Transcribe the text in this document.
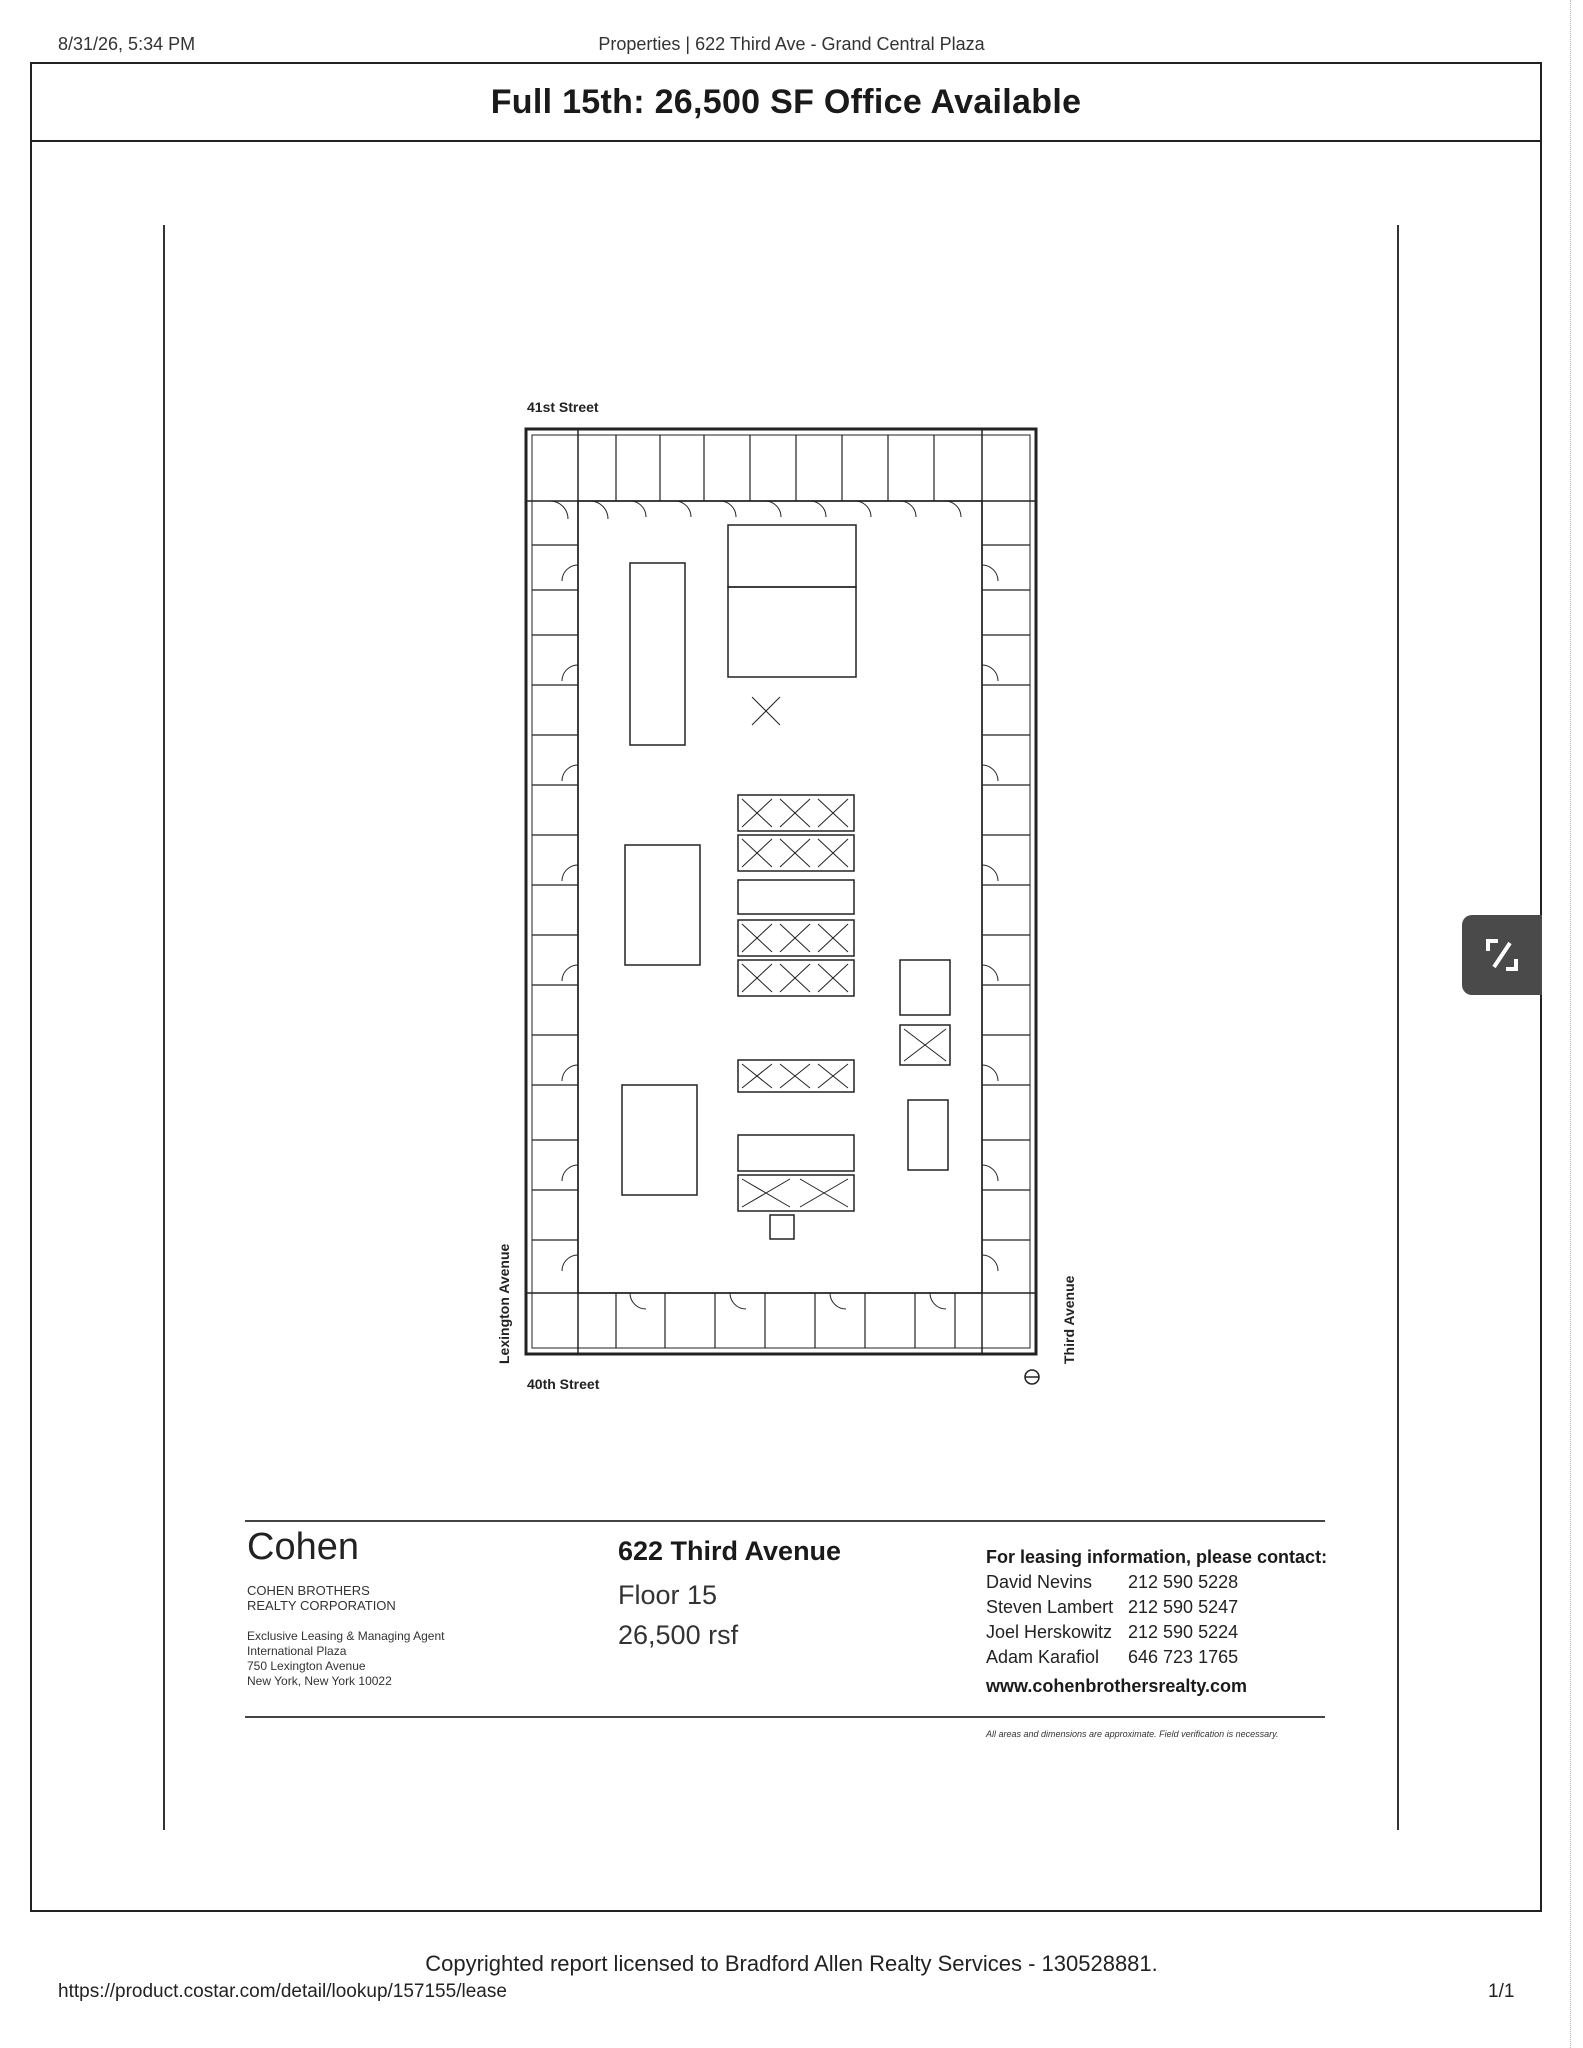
8/31/26, 5:34 PM	Properties | 622 Third Ave - Grand Central Plaza
Full 15th: 26,500 SF Office Available
41st Street
40th Street
Lexington Avenue	Third Avenue
Cohen
COHEN BROTHERS
REALTY CORPORATION
Exclusive Leasing & Managing Agent
International Plaza
750 Lexington Avenue
New York, New York 10022
622 Third Avenue
Floor 15
26,500 rsf
For leasing information, please contact:
David Nevins 212 590 5228
Steven Lambert 212 590 5247
Joel Herskowitz 212 590 5224
Adam Karafiol 646 723 1765
www.cohenbrothersrealty.com
All areas and dimensions are approximate. Field verification is necessary.
Copyrighted report licensed to Bradford Allen Realty Services - 130528881.
https://product.costar.com/detail/lookup/157155/lease	1/1
